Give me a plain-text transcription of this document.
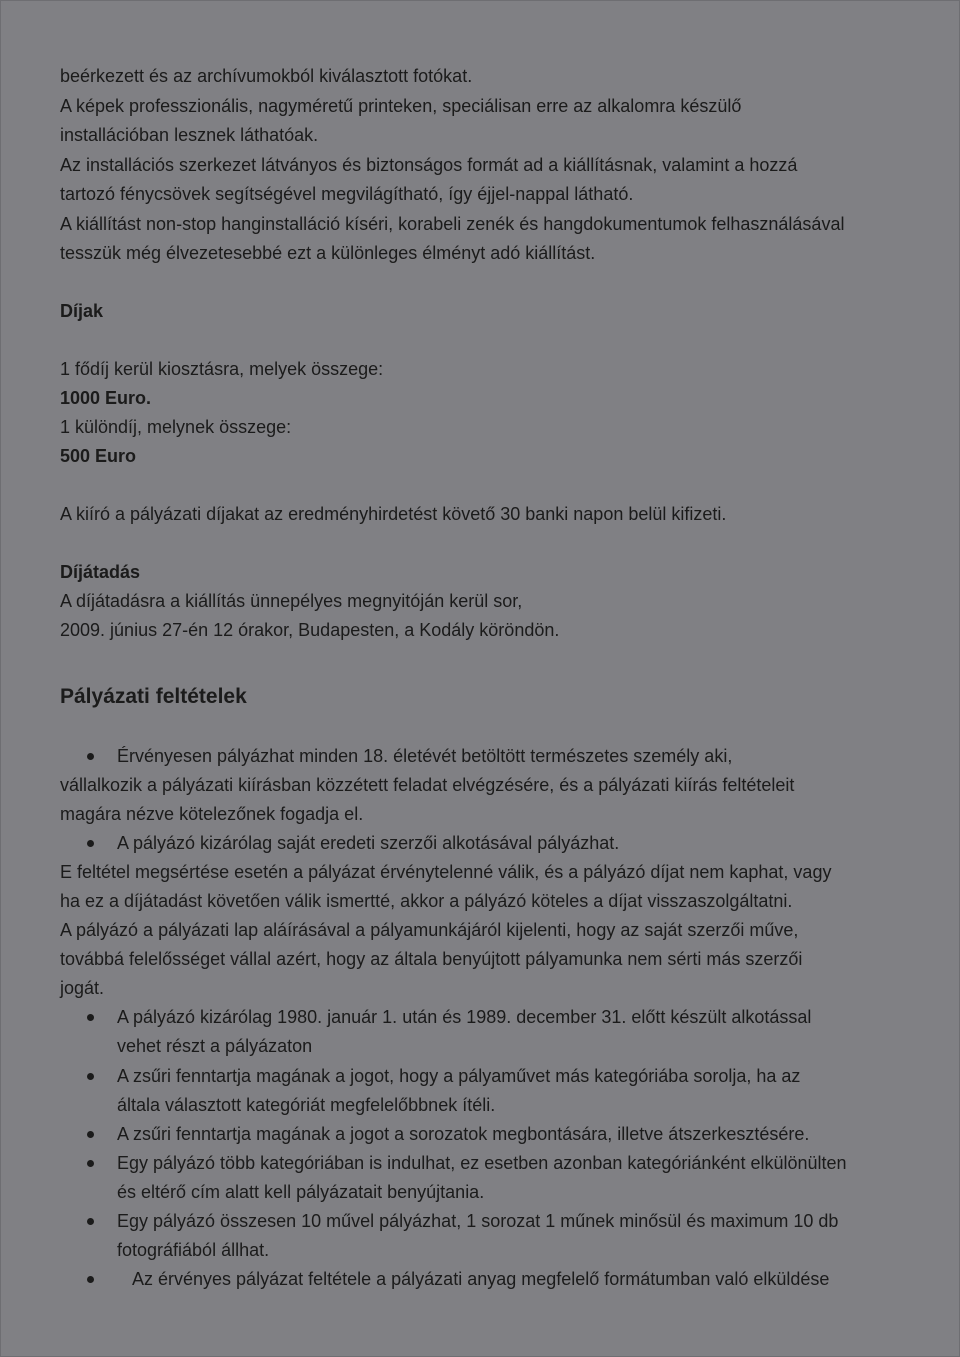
beérkezett és az archívumokból kiválasztott fotókat.
A képek professzionális, nagyméretű printeken, speciálisan erre az alkalomra készülő
installációban lesznek láthatóak.
Az installációs szerkezet látványos és biztonságos formát ad a kiállításnak, valamint a hozzá
tartozó fénycsövek segítségével megvilágítható, így éjjel-nappal látható.
A kiállítást non-stop hanginstalláció kíséri, korabeli zenék és hangdokumentumok felhasználásával
tesszük még élvezetesebbé ezt a különleges élményt adó kiállítást.
Díjak
1 fődíj kerül kiosztásra, melyek összege:
1000 Euro.
1 különdíj, melynek összege:
500 Euro
A kiíró a pályázati díjakat az eredményhirdetést követő 30 banki napon belül kifizeti.
Díjátadás
A díjátadásra a kiállítás ünnepélyes megnyitóján kerül sor,
2009. június 27-én 12 órakor, Budapesten, a Kodály köröndön.
Pályázati feltételek
Érvényesen pályázhat minden 18. életévét betöltött természetes személy aki,
vállalkozik a pályázati kiírásban közzétett feladat elvégzésére, és a pályázati kiírás feltételeit
magára nézve kötelezőnek fogadja el.
A pályázó kizárólag saját eredeti szerzői alkotásával pályázhat.
E feltétel megsértése esetén a pályázat érvénytelenné válik, és a pályázó díjat nem kaphat, vagy
ha ez a díjátadást követően válik ismertté, akkor a pályázó köteles a díjat visszaszolgáltatni.
A pályázó a pályázati lap aláírásával a pályamunkájáról kijelenti, hogy az saját szerzői műve,
továbbá felelősséget vállal azért, hogy az általa benyújtott pályamunka nem sérti más szerzői
jogát.
A pályázó kizárólag 1980. január 1. után és 1989. december 31. előtt készült alkotással
vehet részt a pályázaton
A zsűri fenntartja magának a jogot, hogy a pályaművet más kategóriába sorolja, ha az
általa választott kategóriát megfelelőbbnek ítéli.
A zsűri fenntartja magának a jogot a sorozatok megbontására, illetve átszerkesztésére.
Egy pályázó több kategóriában is indulhat, ez esetben azonban kategóriánként elkülönülten
és eltérő cím alatt kell pályázatait benyújtania.
Egy pályázó összesen 10 művel pályázhat, 1 sorozat 1 műnek minősül és maximum 10 db
fotográfiából állhat.
Az érvényes pályázat feltétele a pályázati anyag megfelelő formátumban való elküldése
